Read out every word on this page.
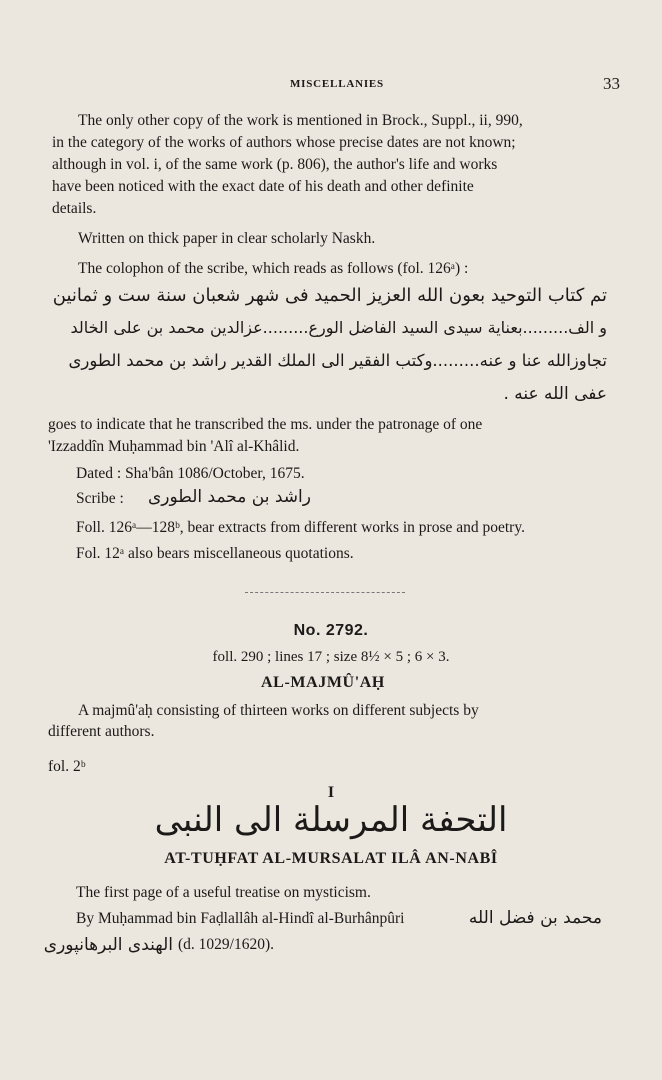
MISCELLANIES	33
The only other copy of the work is mentioned in Brock., Suppl., ii, 990,
in the category of the works of authors whose precise dates are not known;
although in vol. i, of the same work (p. 806), the author's life and works
have been noticed with the exact date of his death and other definite
details.
Written on thick paper in clear scholarly Naskh.
The colophon of the scribe, which reads as follows (fol. 126ᵃ) :
تم كتاب التوحيد بعون الله العزيز الحميد فى شهر شعبان سنة ست و ثمانين
و الف.........بعناية سيدى السيد الفاضل الورع.........عزالدين محمد بن على الخالد
تجاوزالله عنا و عنه.........وكتب الفقير الى الملك القدير راشد بن محمد الطورى
عفى الله عنه .
goes to indicate that he transcribed the ms. under the patronage of one
'Izzaddîn Muḥammad bin 'Alî al-Khâlid.
Dated : Sha'bân 1086/October, 1675.
Scribe : راشد بن محمد الطورى
Foll. 126ᵃ—128ᵇ, bear extracts from different works in prose and poetry.
Fol. 12ᵃ also bears miscellaneous quotations.
No. 2792.
foll. 290 ; lines 17 ; size 8½ × 5 ; 6 × 3.
AL-MAJMÛ'AḤ
A majmû'aḥ consisting of thirteen works on different subjects by
different authors.
fol. 2ᵇ
I
التحفة المرسلة الى النبى
AT-TUḤFAT AL-MURSALAT ILÂ AN-NABÎ
The first page of a useful treatise on mysticism.
By Muḥammad bin Faḍlallâh al-Hindî al-Burhânpûri	محمد بن فضل الله
الهندى البرهانپورى (d. 1029/1620).
